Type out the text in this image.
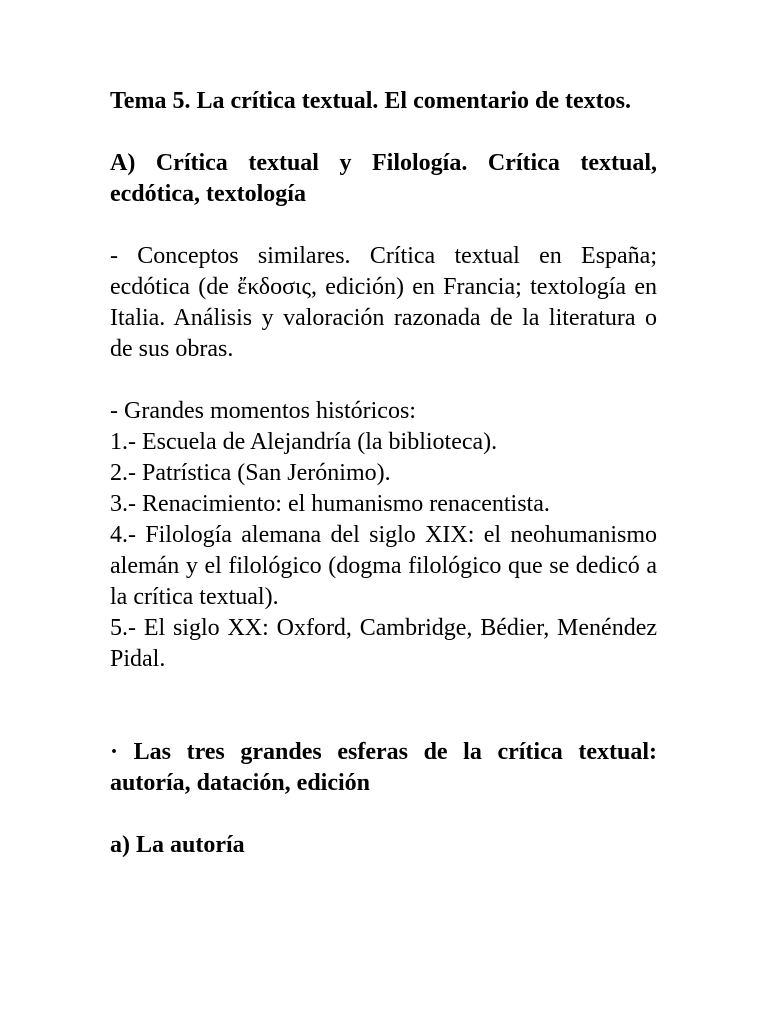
Tema 5. La crítica textual. El comentario de textos.

A) Crítica textual y Filología. Crítica textual, ecdótica, textología

- Conceptos similares. Crítica textual en España; ecdótica (de ἔκδοσις, edición) en Francia; textología en Italia. Análisis y valoración razonada de la literatura o de sus obras.

- Grandes momentos históricos:

1.- Escuela de Alejandría (la biblioteca).

2.- Patrística (San Jerónimo).

3.- Renacimiento: el humanismo renacentista.

4.- Filología alemana del siglo XIX: el neohumanismo alemán y el filológico (dogma filológico que se dedicó a la crítica textual).

5.- El siglo XX: Oxford, Cambridge, Bédier, Menéndez Pidal.

· Las tres grandes esferas de la crítica textual: autoría, datación, edición

a) La autoría
